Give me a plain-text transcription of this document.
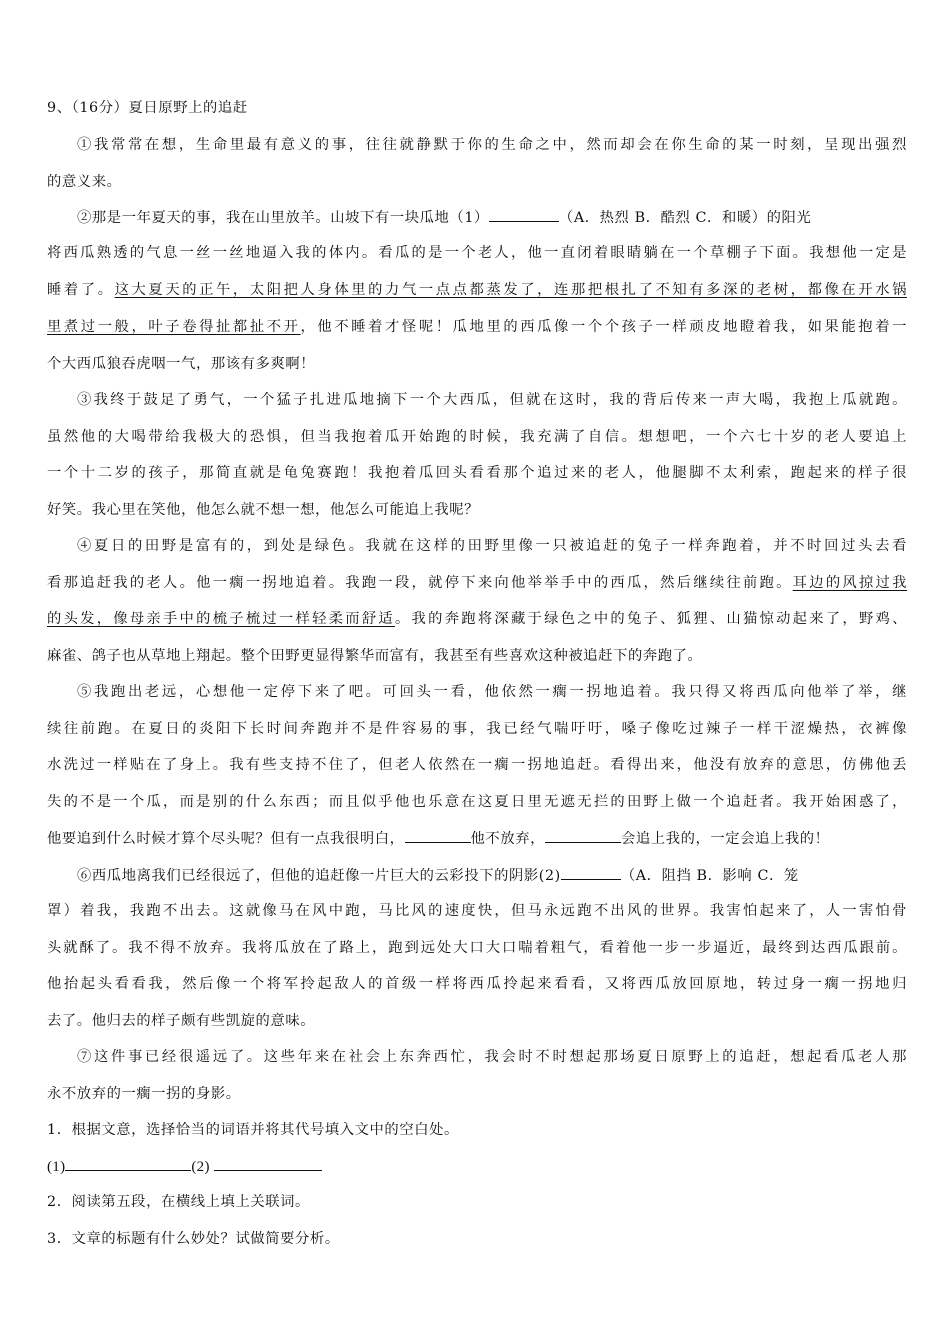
9、（16分）夏日原野上的追赶
①我常常在想，生命里最有意义的事，往往就静默于你的生命之中，然而却会在你生命的某一时刻，呈现出强烈
的意义来。
②那是一年夏天的事，我在山里放羊。山坡下有一块瓜地（1）	（A．热烈 B．酷烈 C．和暖）的阳光
将西瓜熟透的气息一丝一丝地逼入我的体内。看瓜的是一个老人，他一直闭着眼睛躺在一个草棚子下面。我想他一定是
睡着了。这大夏天的正午，太阳把人身体里的力气一点点都蒸发了，连那把根扎了不知有多深的老树，都像在开水锅
里煮过一般，叶子卷得扯都扯不开，他不睡着才怪呢！瓜地里的西瓜像一个个孩子一样顽皮地瞪着我，如果能抱着一
个大西瓜狼吞虎咽一气，那该有多爽啊！
③我终于鼓足了勇气，一个猛子扎进瓜地摘下一个大西瓜，但就在这时，我的背后传来一声大喝，我抱上瓜就跑。
虽然他的大喝带给我极大的恐惧，但当我抱着瓜开始跑的时候，我充满了自信。想想吧，一个六七十岁的老人要追上
一个十二岁的孩子，那简直就是龟兔赛跑！我抱着瓜回头看看那个追过来的老人，他腿脚不太利索，跑起来的样子很
好笑。我心里在笑他，他怎么就不想一想，他怎么可能追上我呢？
④夏日的田野是富有的，到处是绿色。我就在这样的田野里像一只被追赶的兔子一样奔跑着，并不时回过头去看
看那追赶我的老人。他一瘸一拐地追着。我跑一段，就停下来向他举举手中的西瓜，然后继续往前跑。耳边的风掠过我
的头发，像母亲手中的梳子梳过一样轻柔而舒适。我的奔跑将深藏于绿色之中的兔子、狐狸、山猫惊动起来了，野鸡、
麻雀、鸽子也从草地上翔起。整个田野更显得繁华而富有，我甚至有些喜欢这种被追赶下的奔跑了。
⑤我跑出老远，心想他一定停下来了吧。可回头一看，他依然一瘸一拐地追着。我只得又将西瓜向他举了举，继
续往前跑。在夏日的炎阳下长时间奔跑并不是件容易的事，我已经气喘吁吁，嗓子像吃过辣子一样干涩燥热，衣裤像
水洗过一样贴在了身上。我有些支持不住了，但老人依然在一瘸一拐地追赶。看得出来，他没有放弃的意思，仿佛他丢
失的不是一个瓜，而是别的什么东西；而且似乎他也乐意在这夏日里无遮无拦的田野上做一个追赶者。我开始困惑了，
他要追到什么时候才算个尽头呢？但有一点我很明白，	他不放弃，	会追上我的，一定会追上我的！
⑥西瓜地离我们已经很远了，但他的追赶像一片巨大的云彩投下的阴影(2)	（A．阻挡 B．影响 C．笼
罩）着我，我跑不出去。这就像马在风中跑，马比风的速度快，但马永远跑不出风的世界。我害怕起来了，人一害怕骨
头就酥了。我不得不放弃。我将瓜放在了路上，跑到远处大口大口喘着粗气，看着他一步一步逼近，最终到达西瓜跟前。
他抬起头看看我，然后像一个将军拎起敌人的首级一样将西瓜拎起来看看，又将西瓜放回原地，转过身一瘸一拐地归
去了。他归去的样子颇有些凯旋的意味。
⑦这件事已经很遥远了。这些年来在社会上东奔西忙，我会时不时想起那场夏日原野上的追赶，想起看瓜老人那
永不放弃的一瘸一拐的身影。
1．根据文意，选择恰当的词语并将其代号填入文中的空白处。
(1)	(2)
2．阅读第五段，在横线上填上关联词。
3．文章的标题有什么妙处？试做简要分析。
